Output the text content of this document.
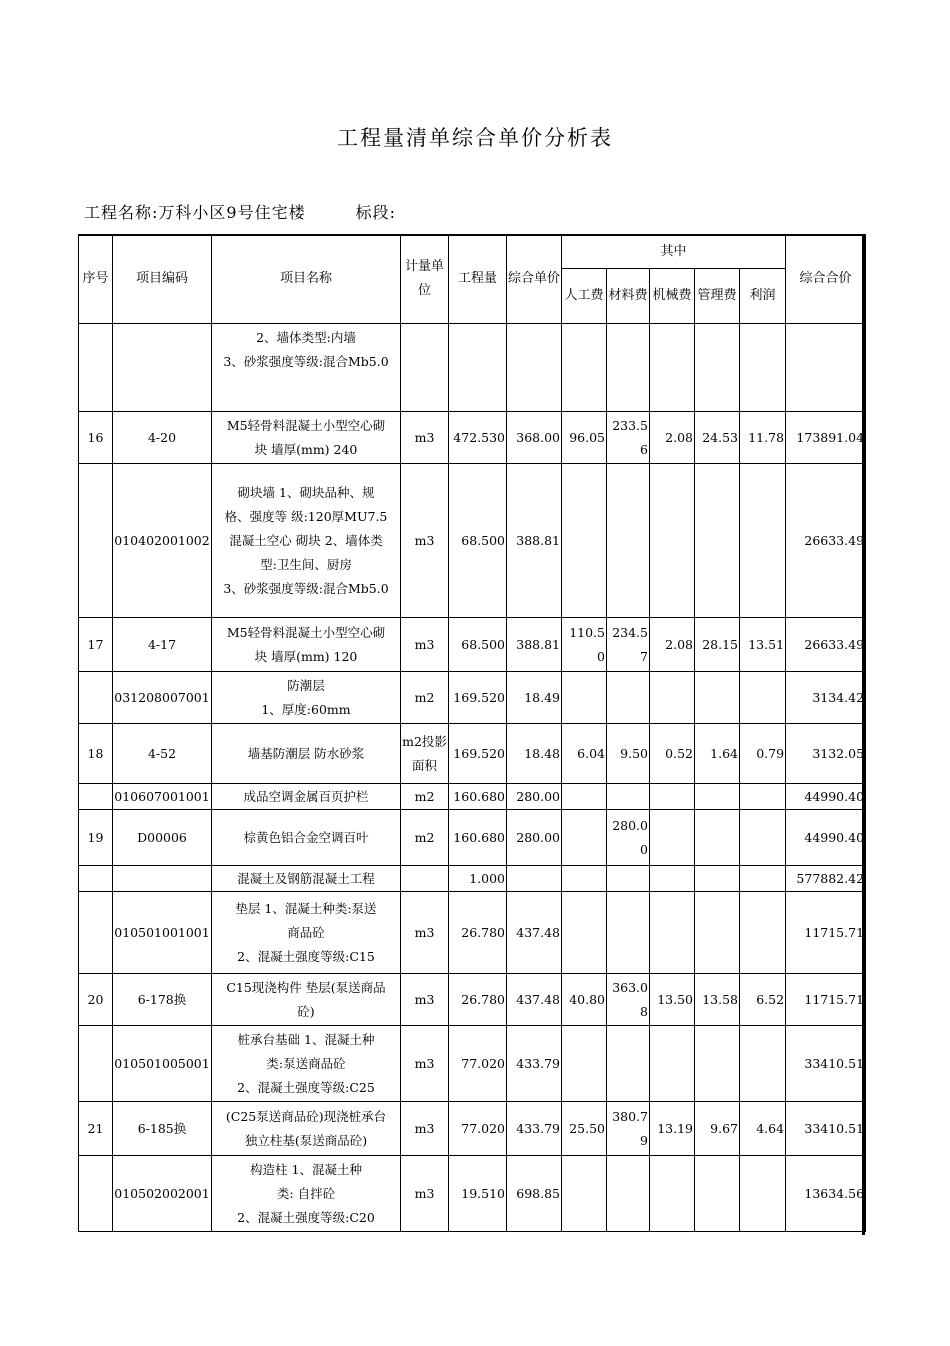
工程量清单综合单价分析表
工程名称:万科小区9号住宅楼	标段:
序号	项目编码	项目名称	计量单位	工程量	综合单价	其中					综合合价
						人工费	材料费	机械费	管理费	利润	

		2、墙体类型:内墙
3、砂浆强度等级:混合Mb5.0									

16	4-20	M5轻骨料混凝土小型空心砌
块 墙厚(mm) 240	m3	472.530	368.00	96.05	233.56	2.08	24.53	11.78	173891.04
	010402001002	砌块墙 1、砌块品种、规
格、强度等 级:120厚MU7.5
混凝土空心 砌块 2、墙体类
型:卫生间、厨房
3、砂浆强度等级:混合Mb5.0	m3	68.500	388.81						26633.49
17	4-17	M5轻骨料混凝土小型空心砌
块 墙厚(mm) 120	m3	68.500	388.81	110.50	234.57	2.08	28.15	13.51	26633.49
	031208007001	防潮层
1、厚度:60mm	m2	169.520	18.49						3134.42
18	4-52	墙基防潮层 防水砂浆	m2投影面积	169.520	18.48	6.04	9.50	0.52	1.64	0.79	3132.05
	010607001001	成品空调金属百页护栏	m2	160.680	280.00						44990.40
19	D00006	棕黄色铝合金空调百叶	m2	160.680	280.00		280.00				44990.40

		混凝土及钢筋混凝土工程		1.000							577882.42
	010501001001	垫层 1、混凝土种类:泵送
商品砼
2、混凝土强度等级:C15	m3	26.780	437.48						11715.71
20	6-178换	C15现浇构件 垫层(泵送商品
砼)	m3	26.780	437.48	40.80	363.08	13.50	13.58	6.52	11715.71
	010501005001	桩承台基础 1、混凝土种
类:泵送商品砼
2、混凝土强度等级:C25	m3	77.020	433.79						33410.51
21	6-185换	(C25泵送商品砼)现浇桩承台
独立柱基(泵送商品砼)	m3	77.020	433.79	25.50	380.79	13.19	9.67	4.64	33410.51
	010502002001	构造柱 1、混凝土种
类: 自拌砼
2、混凝土强度等级:C20	m3	19.510	698.85						13634.56
